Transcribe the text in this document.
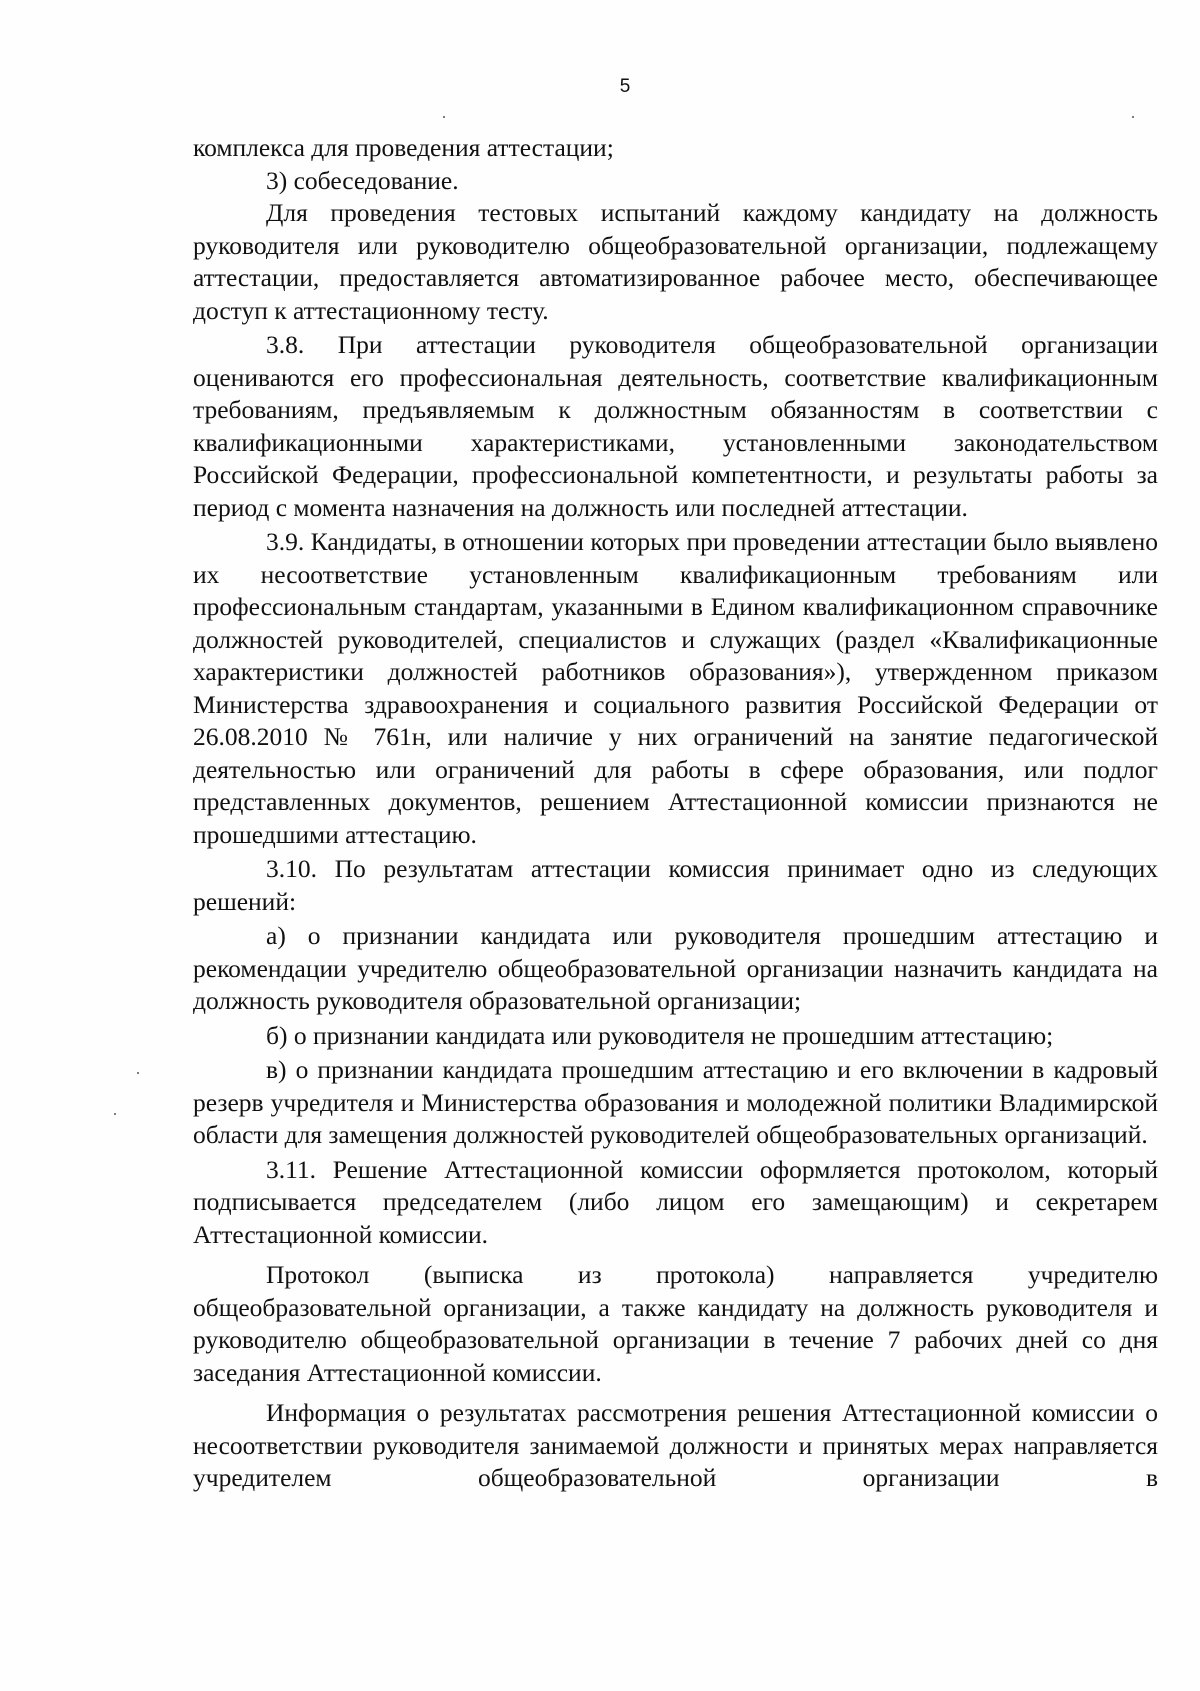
5

комплекса для проведения аттестации;

3) собеседование.

Для проведения тестовых испытаний каждому кандидату на должность руководителя или руководителю общеобразовательной организации, подлежащему аттестации, предоставляется автоматизированное рабочее место, обеспечивающее доступ к аттестационному тесту.

3.8. При аттестации руководителя общеобразовательной организации оцениваются его профессиональная деятельность, соответствие квалификационным требованиям, предъявляемым к должностным обязанностям в соответствии с квалификационными характеристиками, установленными законодательством Российской Федерации, профессиональной компетентности, и результаты работы за период с момента назначения на должность или последней аттестации.

3.9. Кандидаты, в отношении которых при проведении аттестации было выявлено их несоответствие установленным квалификационным требованиям или профессиональным стандартам, указанными в Едином квалификационном справочнике должностей руководителей, специалистов и служащих (раздел «Квалификационные характеристики должностей работников образования»), утвержденном приказом Министерства здравоохранения и социального развития Российской Федерации от 26.08.2010 № 761н, или наличие у них ограничений на занятие педагогической деятельностью или ограничений для работы в сфере образования, или подлог представленных документов, решением Аттестационной комиссии признаются не прошедшими аттестацию.

3.10. По результатам аттестации комиссия принимает одно из следующих решений:

а) о признании кандидата или руководителя прошедшим аттестацию и рекомендации учредителю общеобразовательной организации назначить кандидата на должность руководителя образовательной организации;

б) о признании кандидата или руководителя не прошедшим аттестацию;

в) о признании кандидата прошедшим аттестацию и его включении в кадровый резерв учредителя и Министерства образования и молодежной политики Владимирской области для замещения должностей руководителей общеобразовательных организаций.

3.11. Решение Аттестационной комиссии оформляется протоколом, который подписывается председателем (либо лицом его замещающим) и секретарем Аттестационной комиссии.

Протокол (выписка из протокола) направляется учредителю общеобразовательной организации, а также кандидату на должность руководителя и руководителю общеобразовательной организации в течение 7 рабочих дней со дня заседания Аттестационной комиссии.

Информация о результатах рассмотрения решения Аттестационной комиссии о несоответствии руководителя занимаемой должности и принятых мерах направляется учредителем общеобразовательной организации в
